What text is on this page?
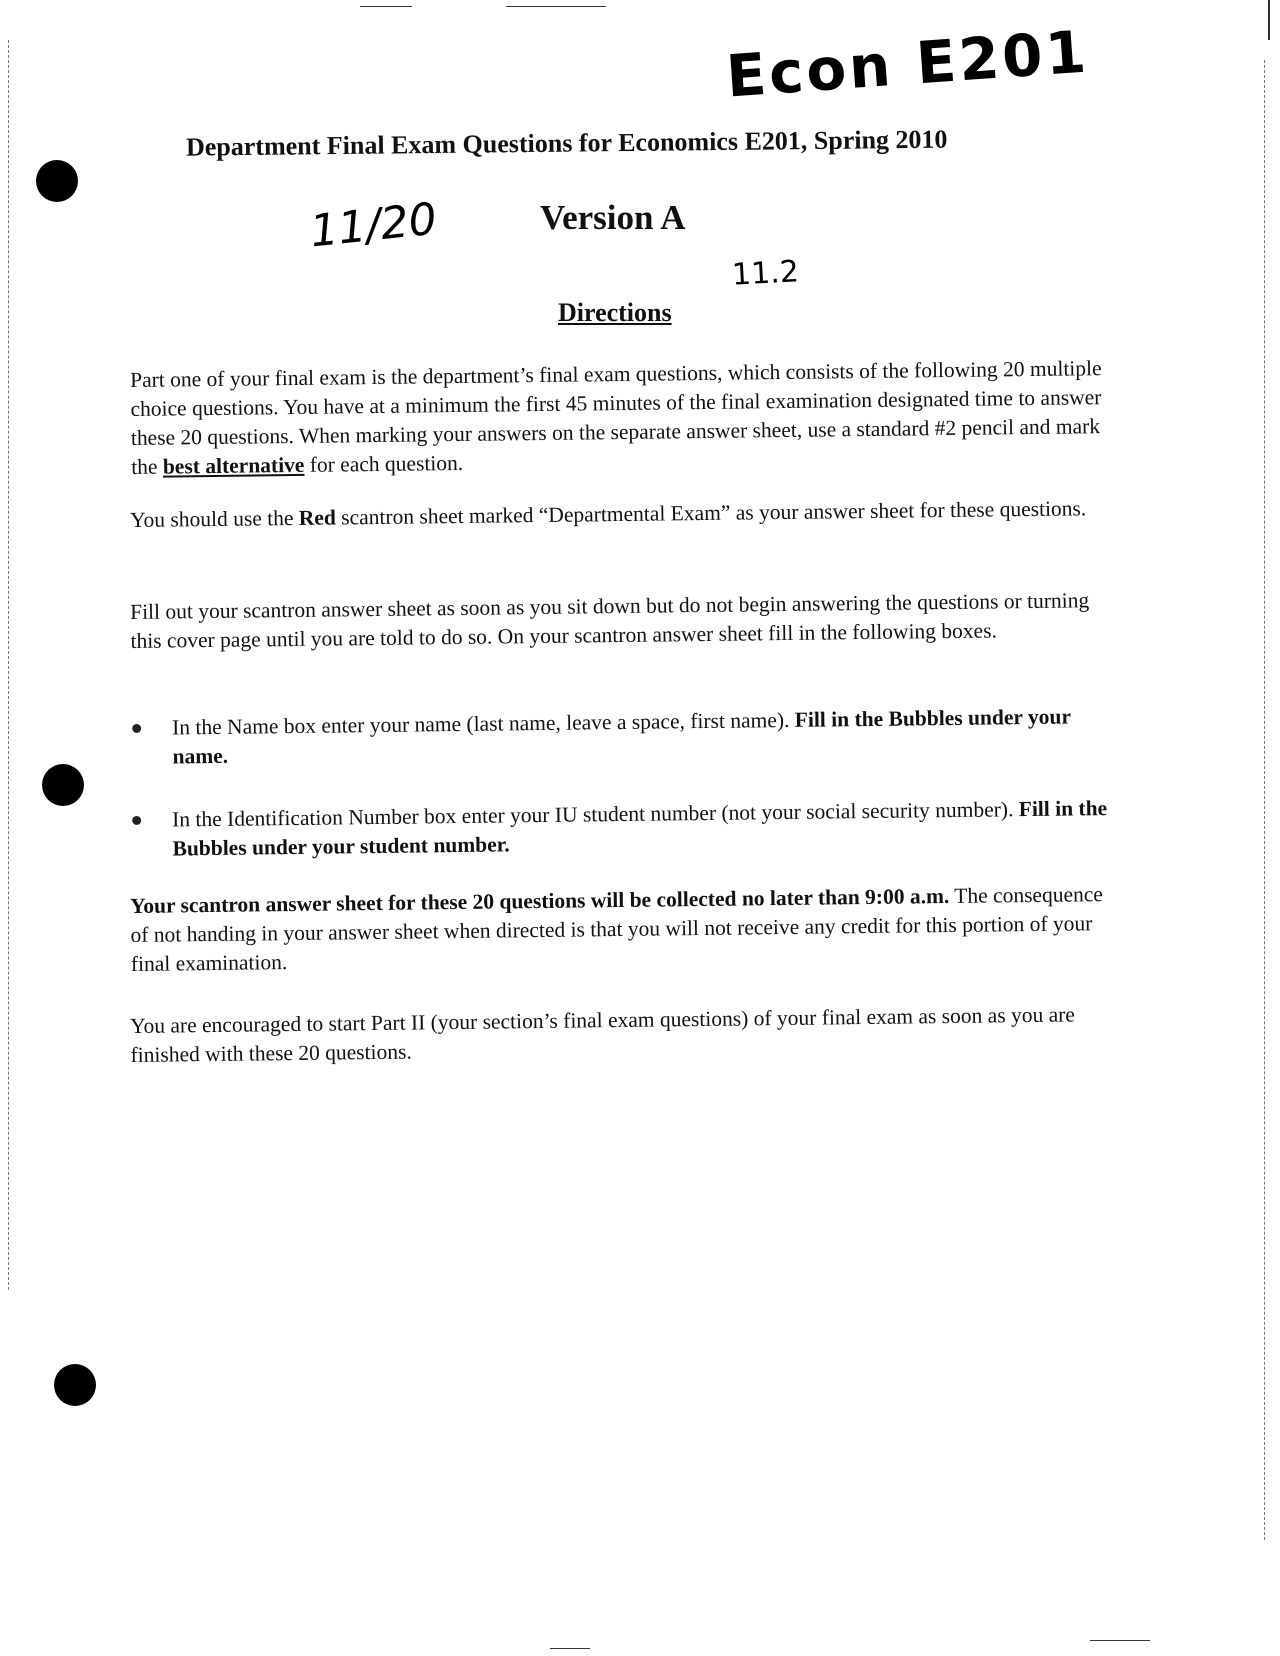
Econ E201
11/20
11.2
Department Final Exam Questions for Economics E201, Spring 2010
Version A
Directions
Part one of your final exam is the department’s final exam questions, which consists of the following 20 multiple choice questions. You have at a minimum the first 45 minutes of the final examination designated time to answer these 20 questions. When marking your answers on the separate answer sheet, use a standard #2 pencil and mark the best alternative for each question.
You should use the Red scantron sheet marked “Departmental Exam” as your answer sheet for these questions.
Fill out your scantron answer sheet as soon as you sit down but do not begin answering the questions or turning this cover page until you are told to do so. On your scantron answer sheet fill in the following boxes.
In the Name box enter your name (last name, leave a space, first name). Fill in the Bubbles under your name.
In the Identification Number box enter your IU student number (not your social security number). Fill in the Bubbles under your student number.
Your scantron answer sheet for these 20 questions will be collected no later than 9:00 a.m. The consequence of not handing in your answer sheet when directed is that you will not receive any credit for this portion of your final examination.
You are encouraged to start Part II (your section’s final exam questions) of your final exam as soon as you are finished with these 20 questions.
